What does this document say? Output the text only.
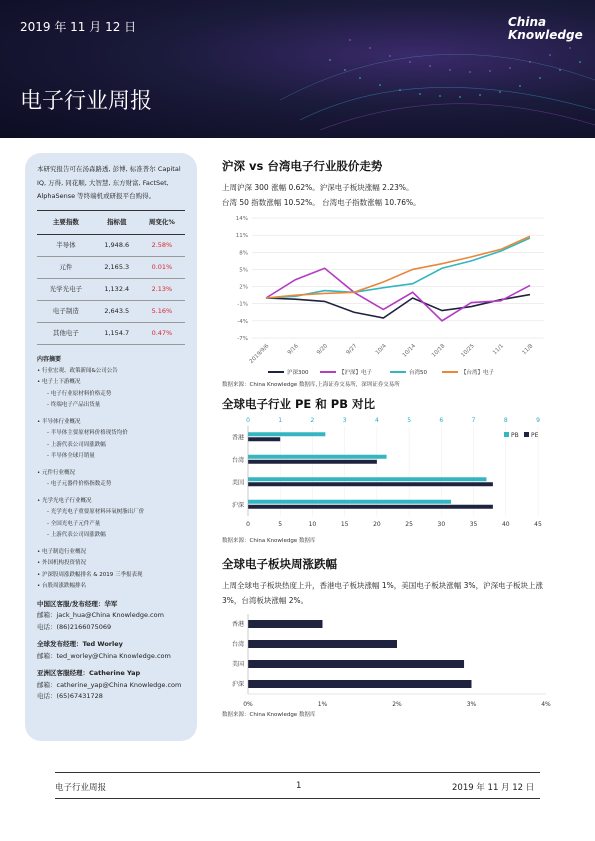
2019 年 11 月 12 日
电子行业周报
China
Knowledge
本研究报告可在汤森路透, 彭博, 标准普尔 Capital IQ, 万得, 同花顺, 大智慧, 东方财富, FactSet, AlphaSense 等终端机或研报平台购得。
主要指数	指标值	周变化%
半导体	1,948.6	2.58%
元件	2,165.3	0.01%
光学光电子	1,132.4	2.13%
电子制造	2,643.5	5.16%
其他电子	1,154.7	0.47%
内容摘要
• 行业宏观、政策新闻&公司公告
• 电子上下游概况
- 电子行业原材料价格走势
- 终端电子产品出货量
• 半导体行业概况
- 半导体主要原材料价格现货均价
- 上游代表公司周涨跌幅
- 半导体全球月销量
• 元件行业概况
- 电子元器件价格指数走势
• 光学光电子行业概况
- 光学光电子重要原材料环氧树脂出厂价
- 全国光电子元件产量
- 上游代表公司周涨跌幅
• 电子制造行业概况
• 外国机构投资情况
• 沪深股周涨跌幅排名 & 2019 三季报表现
• 台股周涨跌幅排名
中国区客服/发布经理：华军
邮箱：jack_hua@China Knowledge.com
电话：(86)2166075069
全球发布经理：Ted Worley
邮箱：ted_worley@China Knowledge.com
亚洲区客服经理：Catherine Yap
邮箱：catherine_yap@China Knowledge.com
电话：(65)67431728
沪深 vs 台湾电子行业股价走势
上周沪深 300 涨幅 0.62%。沪深电子板块涨幅 2.23%。
台湾 50 指数涨幅 10.52%。 台湾电子指数涨幅 10.76%。
-7%
-4%
-1%
2%
5%
8%
11%
14%
2019/9/6	9/16	9/20	9/27	10/4	10/14	10/18	10/25	11/1	11/8
沪深300	【沪深】电子	台湾50	【台湾】电子
数据来源：China Knowledge 数据库,上海证券交易所，深圳证券交易所
全球电子行业 PE 和 PB 对比
0	1	2	3	4	5	6	7	8	9
0	5	10	15	20	25	30	35	40	45
香港
台湾
美国
沪深
PB PE
数据来源：China Knowledge 数据库
全球电子板块周涨跌幅
上周全球电子板块热度上升，香港电子板块涨幅 1%，美国电子板块涨幅 3%，沪深电子板块上涨 3%，台湾板块涨幅 2%。
0%	1%	2%	3%	4%
香港
台湾
美国
沪深
数据来源：China Knowledge 数据库
电子行业周报	1	2019 年 11 月 12 日
